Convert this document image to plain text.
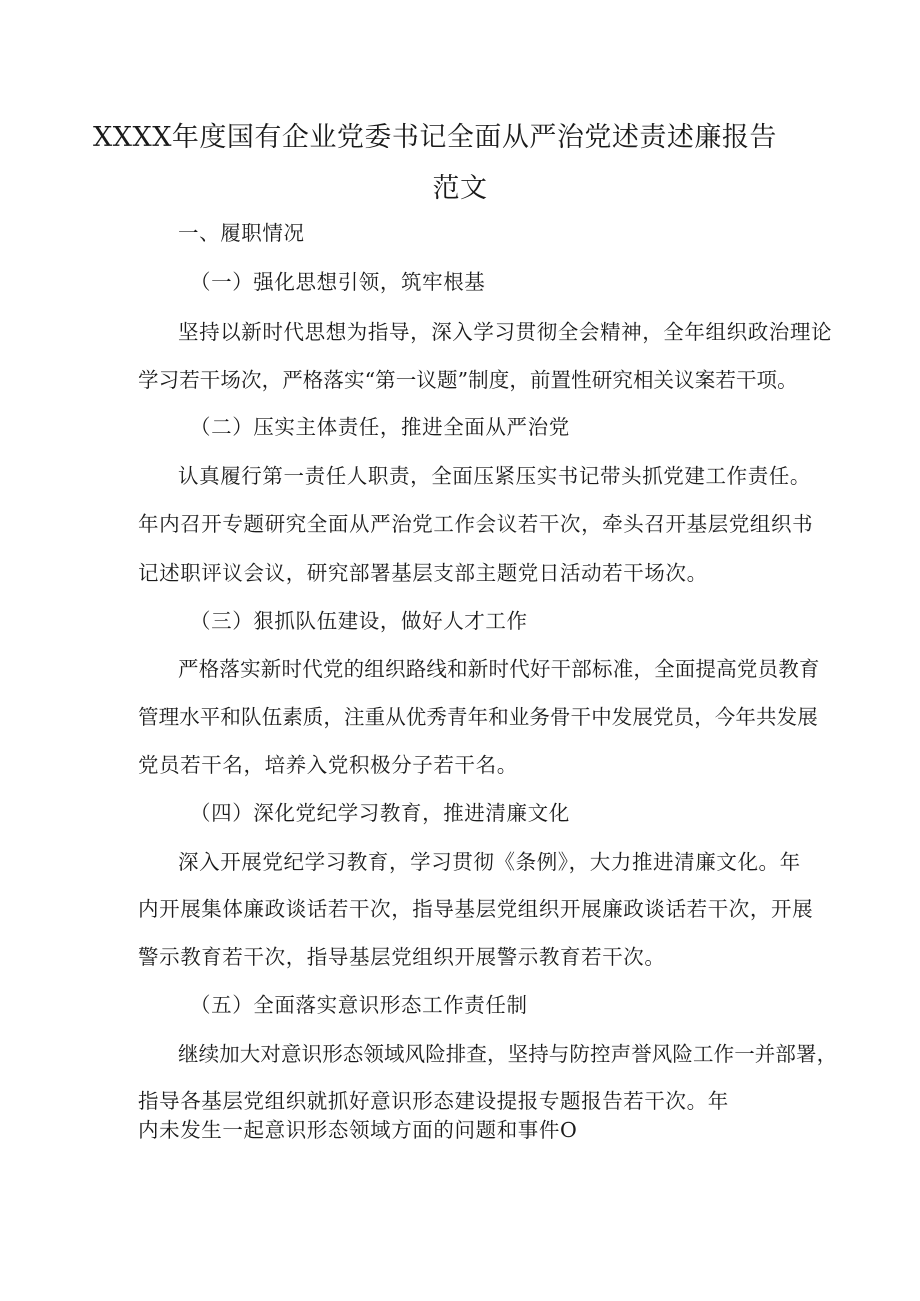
XXXX年度国有企业党委书记全面从严治党述责述廉报告
范文
一、履职情况
（一）强化思想引领，筑牢根基
坚持以新时代思想为指导，深入学习贯彻全会精神，全年组织政治理论
学习若干场次，严格落实“第一议题”制度，前置性研究相关议案若干项。
（二）压实主体责任，推进全面从严治党
认真履行第一责任人职责，全面压紧压实书记带头抓党建工作责任。
年内召开专题研究全面从严治党工作会议若干次，牵头召开基层党组织书
记述职评议会议，研究部署基层支部主题党日活动若干场次。
（三）狠抓队伍建设，做好人才工作
严格落实新时代党的组织路线和新时代好干部标准，全面提高党员教育
管理水平和队伍素质，注重从优秀青年和业务骨干中发展党员，今年共发展
党员若干名，培养入党积极分子若干名。
（四）深化党纪学习教育，推进清廉文化
深入开展党纪学习教育，学习贯彻《条例》，大力推进清廉文化。年
内开展集体廉政谈话若干次，指导基层党组织开展廉政谈话若干次，开展
警示教育若干次，指导基层党组织开展警示教育若干次。
（五）全面落实意识形态工作责任制
继续加大对意识形态领域风险排查，坚持与防控声誉风险工作一并部署，
指导各基层党组织就抓好意识形态建设提报专题报告若干次。年
内未发生一起意识形态领域方面的问题和事件O
